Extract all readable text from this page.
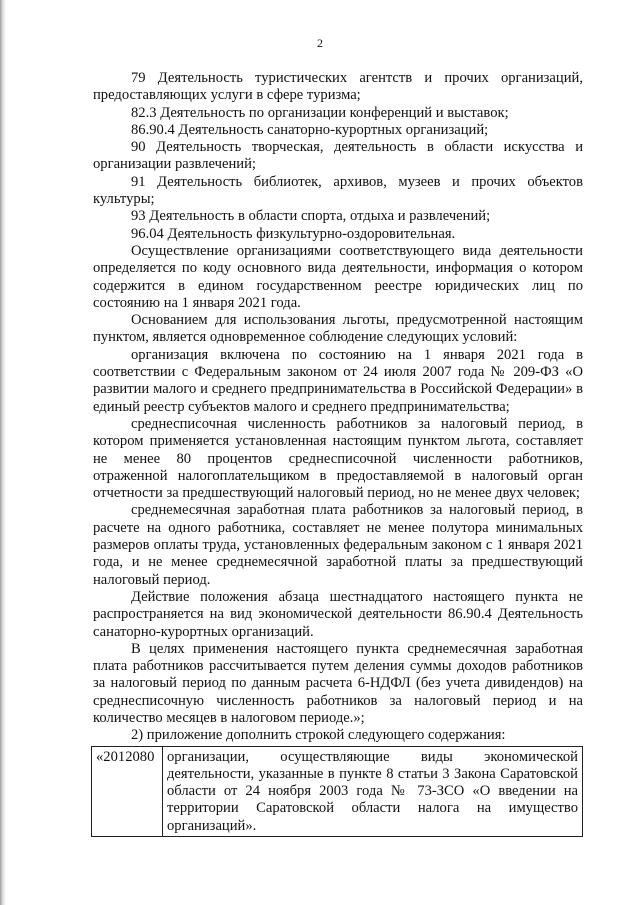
2

79 Деятельность туристических агентств и прочих организаций, предоставляющих услуги в сфере туризма;

82.3 Деятельность по организации конференций и выставок;

86.90.4 Деятельность санаторно-курортных организаций;

90 Деятельность творческая, деятельность в области искусства и организации развлечений;

91 Деятельность библиотек, архивов, музеев и прочих объектов культуры;

93 Деятельность в области спорта, отдыха и развлечений;

96.04 Деятельность физкультурно-оздоровительная.

Осуществление организациями соответствующего вида деятельности определяется по коду основного вида деятельности, информация о котором содержится в едином государственном реестре юридических лиц по состоянию на 1 января 2021 года.

Основанием для использования льготы, предусмотренной настоящим пунктом, является одновременное соблюдение следующих условий:

организация включена по состоянию на 1 января 2021 года в соответствии с Федеральным законом от 24 июля 2007 года № 209-ФЗ «О развитии малого и среднего предпринимательства в Российской Федерации» в единый реестр субъектов малого и среднего предпринимательства;

среднесписочная численность работников за налоговый период, в котором применяется установленная настоящим пунктом льгота, составляет не менее 80 процентов среднесписочной численности работников, отраженной налогоплательщиком в предоставляемой в налоговый орган отчетности за предшествующий налоговый период, но не менее двух человек;

среднемесячная заработная плата работников за налоговый период, в расчете на одного работника, составляет не менее полутора минимальных размеров оплаты труда, установленных федеральным законом с 1 января 2021 года, и не менее среднемесячной заработной платы за предшествующий налоговый период.

Действие положения абзаца шестнадцатого настоящего пункта не распространяется на вид экономической деятельности 86.90.4 Деятельность санаторно-курортных организаций.

В целях применения настоящего пункта среднемесячная заработная плата работников рассчитывается путем деления суммы доходов работников за налоговый период по данным расчета 6-НДФЛ (без учета дивидендов) на среднесписочную численность работников за налоговый период и на количество месяцев в налоговом периоде.»;

2) приложение дополнить строкой следующего содержания:

«2012080	организации, осуществляющие виды экономической деятельности, указанные в пункте 8 статьи 3 Закона Саратовской области от 24 ноября 2003 года № 73-ЗСО «О введении на территории Саратовской области налога на имущество организаций».
